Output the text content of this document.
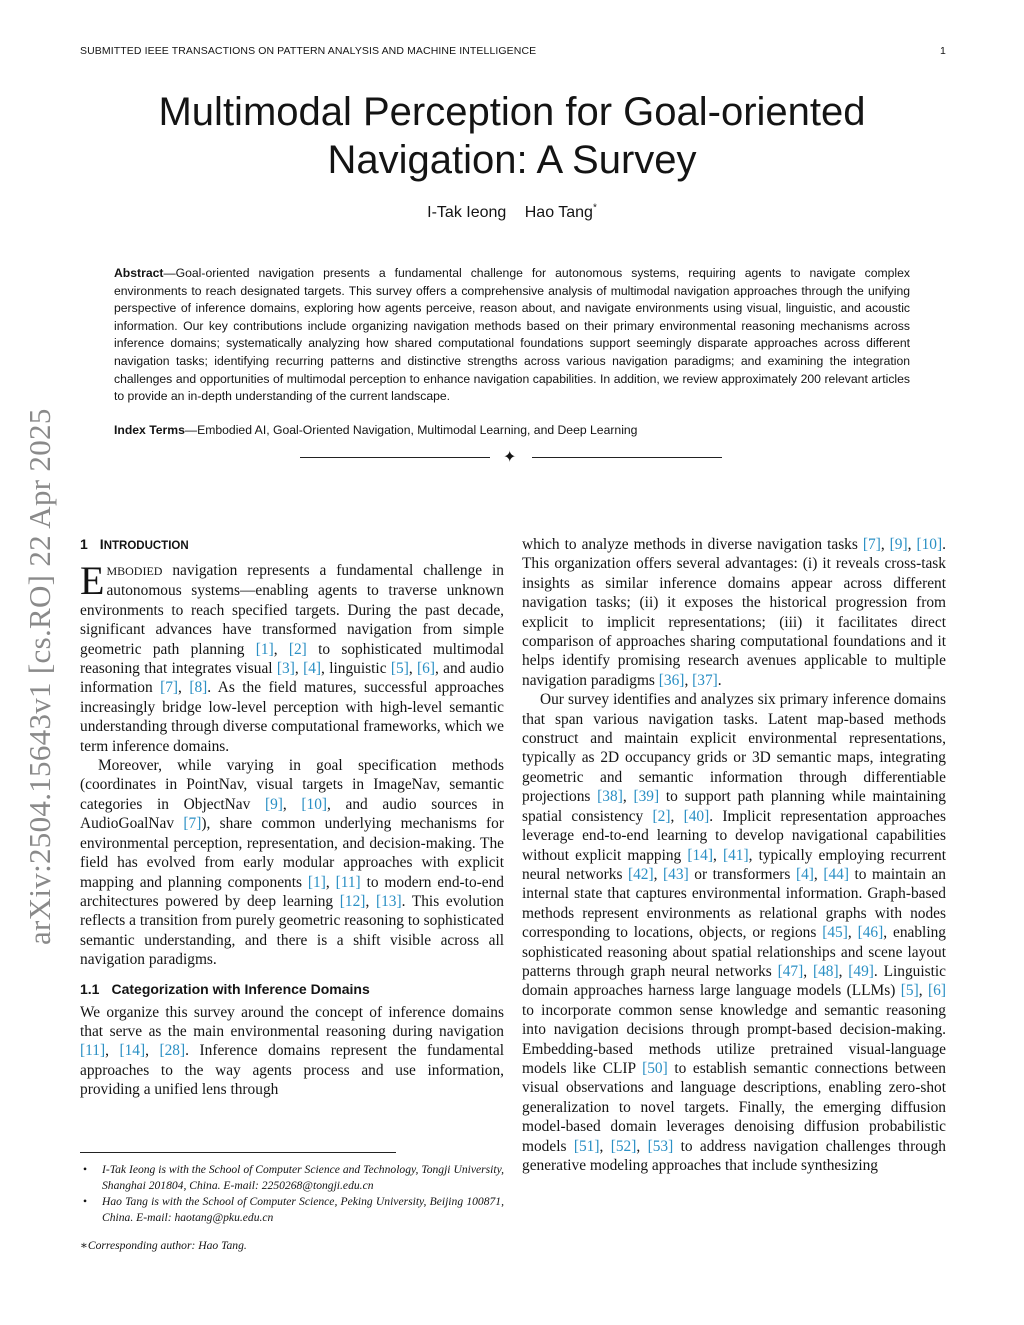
SUBMITTED IEEE TRANSACTIONS ON PATTERN ANALYSIS AND MACHINE INTELLIGENCE	1
arXiv:2504.15643v1 [cs.RO] 22 Apr 2025
Multimodal Perception for Goal-oriented
Navigation: A Survey
I-Tak Ieong Hao Tang*

Abstract—Goal-oriented navigation presents a fundamental challenge for autonomous systems, requiring agents to navigate complex environments to reach designated targets. This survey offers a comprehensive analysis of multimodal navigation approaches through the unifying perspective of inference domains, exploring how agents perceive, reason about, and navigate environments using visual, linguistic, and acoustic information. Our key contributions include organizing navigation methods based on their primary environmental reasoning mechanisms across inference domains; systematically analyzing how shared computational foundations support seemingly disparate approaches across different navigation tasks; identifying recurring patterns and distinctive strengths across various navigation paradigms; and examining the integration challenges and opportunities of multimodal perception to enhance navigation capabilities. In addition, we review approximately 200 relevant articles to provide an in-depth understanding of the current landscape.

Index Terms—Embodied AI, Goal-Oriented Navigation, Multimodal Learning, and Deep Learning
✦
1 INTRODUCTION

EMBODIED navigation represents a fundamental challenge in autonomous systems—enabling agents to traverse unknown environments to reach specified targets. During the past decade, significant advances have transformed navigation from simple geometric path planning [1], [2] to sophisticated multimodal reasoning that integrates visual [3], [4], linguistic [5], [6], and audio information [7], [8]. As the field matures, successful approaches increasingly bridge low-level perception with high-level semantic understanding through diverse computational frameworks, which we term inference domains.

Moreover, while varying in goal specification methods (coordinates in PointNav, visual targets in ImageNav, semantic categories in ObjectNav [9], [10], and audio sources in AudioGoalNav [7]), share common underlying mechanisms for environmental perception, representation, and decision-making. The field has evolved from early modular approaches with explicit mapping and planning components [1], [11] to modern end-to-end architectures powered by deep learning [12], [13]. This evolution reflects a transition from purely geometric reasoning to sophisticated semantic understanding, and there is a shift visible across all navigation paradigms.

1.1 Categorization with Inference Domains

We organize this survey around the concept of inference domains that serve as the main environmental reasoning during navigation [11], [14], [28]. Inference domains represent the fundamental approaches to the way agents process and use information, providing a unified lens through

which to analyze methods in diverse navigation tasks [7], [9], [10]. This organization offers several advantages: (i) it reveals cross-task insights as similar inference domains appear across different navigation tasks; (ii) it exposes the historical progression from explicit to implicit representations; (iii) it facilitates direct comparison of approaches sharing computational foundations and it helps identify promising research avenues applicable to multiple navigation paradigms [36], [37].

Our survey identifies and analyzes six primary inference domains that span various navigation tasks. Latent map-based methods construct and maintain explicit environmental representations, typically as 2D occupancy grids or 3D semantic maps, integrating geometric and semantic information through differentiable projections [38], [39] to support path planning while maintaining spatial consistency [2], [40]. Implicit representation approaches leverage end-to-end learning to develop navigational capabilities without explicit mapping [14], [41], typically employing recurrent neural networks [42], [43] or transformers [4], [44] to maintain an internal state that captures environmental information. Graph-based methods represent environments as relational graphs with nodes corresponding to locations, objects, or regions [45], [46], enabling sophisticated reasoning about spatial relationships and scene layout patterns through graph neural networks [47], [48], [49]. Linguistic domain approaches harness large language models (LLMs) [5], [6] to incorporate common sense knowledge and semantic reasoning into navigation decisions through prompt-based decision-making. Embedding-based methods utilize pretrained visual-language models like CLIP [50] to establish semantic connections between visual observations and language descriptions, enabling zero-shot generalization to novel targets. Finally, the emerging diffusion model-based domain leverages denoising diffusion probabilistic models [51], [52], [53] to address navigation challenges through generative modeling approaches that include synthesizing

• I-Tak Ieong is with the School of Computer Science and Technology, Tongji University, Shanghai 201804, China. E-mail: 2250268@tongji.edu.cn
• Hao Tang is with the School of Computer Science, Peking University, Beijing 100871, China. E-mail: haotang@pku.edu.cn
∗Corresponding author: Hao Tang.
